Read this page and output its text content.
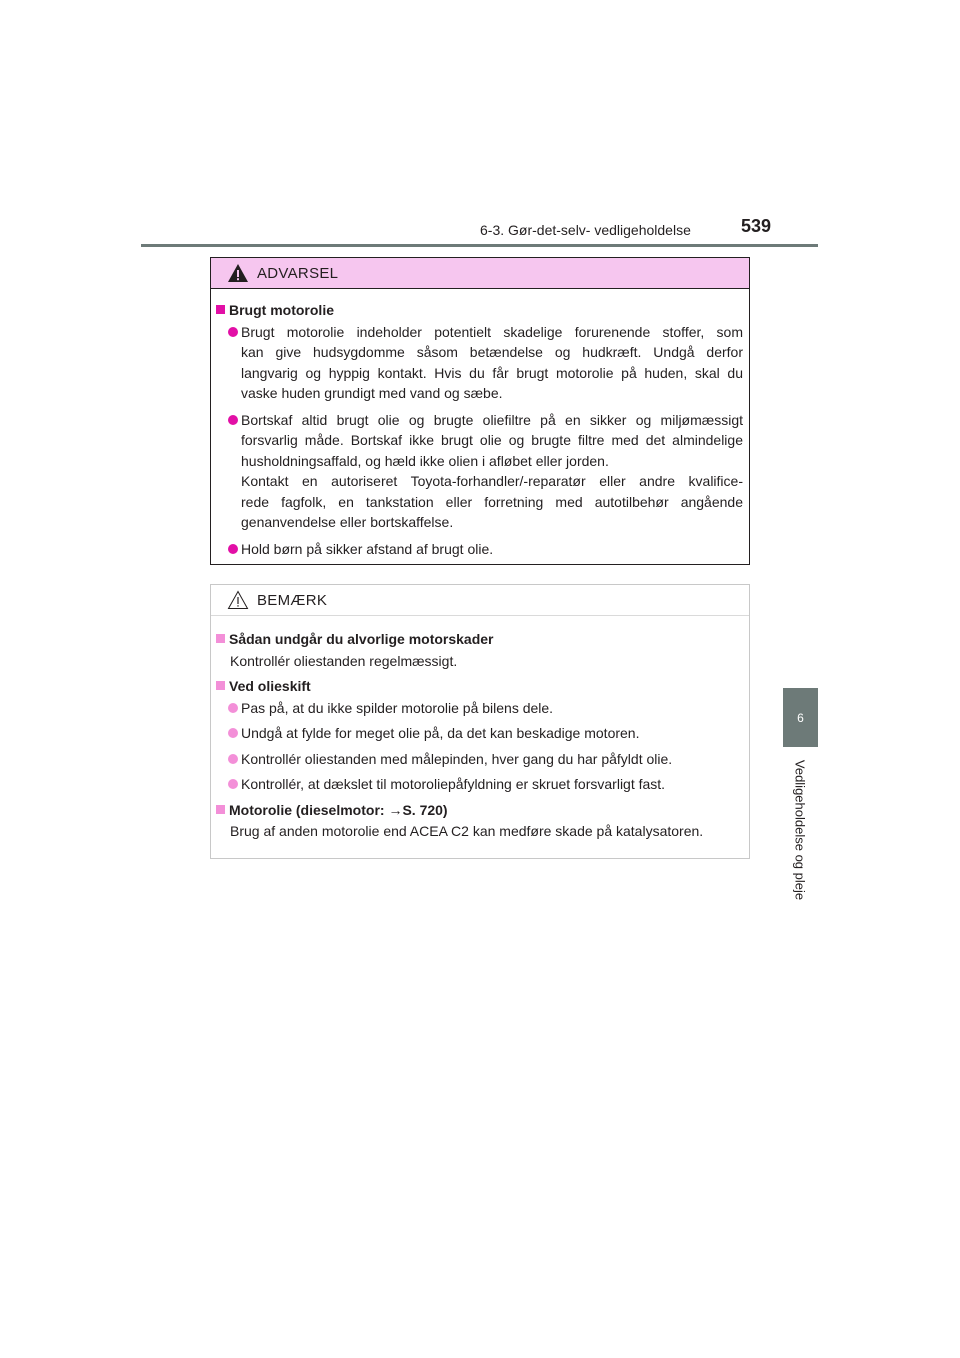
6-3. Gør-det-selv- vedligeholdelse	539
6
Vedligeholdelse og pleje
ADVARSEL
Brugt motorolie
Brugt motorolie indeholder potentielt skadelige forurenende stoffer, som
kan give hudsygdomme såsom betændelse og hudkræft. Undgå derfor
langvarig og hyppig kontakt. Hvis du får brugt motorolie på huden, skal du
vaske huden grundigt med vand og sæbe.
Bortskaf altid brugt olie og brugte oliefiltre på en sikker og miljømæssigt
forsvarlig måde. Bortskaf ikke brugt olie og brugte filtre med det almindelige
husholdningsaffald, og hæld ikke olien i afløbet eller jorden.
Kontakt en autoriseret Toyota-forhandler/-reparatør eller andre kvalifice-
rede fagfolk, en tankstation eller forretning med autotilbehør angående
genanvendelse eller bortskaffelse.
Hold børn på sikker afstand af brugt olie.
BEMÆRK
Sådan undgår du alvorlige motorskader
Kontrollér oliestanden regelmæssigt.
Ved olieskift
Pas på, at du ikke spilder motorolie på bilens dele.
Undgå at fylde for meget olie på, da det kan beskadige motoren.
Kontrollér oliestanden med målepinden, hver gang du har påfyldt olie.
Kontrollér, at dækslet til motoroliepåfyldning er skruet forsvarligt fast.
Motorolie (dieselmotor: →S. 720)
Brug af anden motorolie end ACEA C2 kan medføre skade på katalysatoren.
